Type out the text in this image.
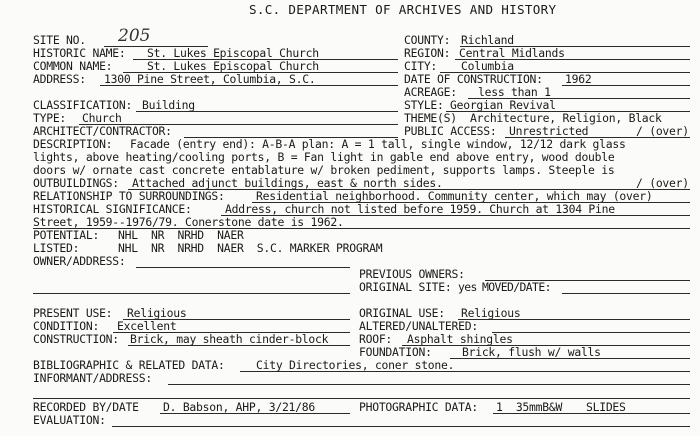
S.C. DEPARTMENT OF ARCHIVES AND HISTORY
SITE NO. 205	COUNTY: Richland
HISTORIC NAME: St. Lukes Episcopal Church	REGION: Central Midlands
COMMON NAME:	St. Lukes Episcopal Church	CITY: Columbia
ADDRESS: 1300 Pine Street, Columbia, S.C.	DATE OF CONSTRUCTION: 1962
ACREAGE: less than 1
CLASSIFICATION: Building	STYLE: Georgian Revival
TYPE: Church	THEME(S) Architecture, Religion, Black
ARCHITECT/CONTRACTOR:	PUBLIC ACCESS: Unrestricted	/ (over)
DESCRIPTION: Facade (entry end): A-B-A plan: A = 1 tall, single window, 12/12 dark glass
lights, above heating/cooling ports, B = Fan light in gable end above entry, wood double
doors w/ ornate cast concrete entablature w/ broken pediment, supports lamps. Steeple is
OUTBUILDINGS: Attached adjunct buildings, east & north sides.	/ (over)
RELATIONSHIP TO SURROUNDINGS:	Residential neighborhood. Community center, which may (over)
HISTORICAL SIGNIFICANCE:	Address, church not listed before 1959. Church at 1304 Pine
Street, 1959--1976/79. Conerstone date is 1962.
POTENTIAL: NHL  NR  NRHD  NAER
LISTED:	NHL  NR  NRHD  NAER  S.C. MARKER PROGRAM
OWNER/ADDRESS:
PREVIOUS OWNERS:
ORIGINAL SITE: yes MOVED/DATE:
PRESENT USE: Religious	ORIGINAL USE: Religious
CONDITION: Excellent	ALTERED/UNALTERED:
CONSTRUCTION: Brick, may sheath cinder-block	ROOF: Asphalt shingles
FOUNDATION:	Brick, flush w/ walls
BIBLIOGRAPHIC & RELATED DATA:	City Directories, coner stone.
INFORMANT/ADDRESS:
RECORDED BY/DATE D. Babson, AHP, 3/21/86	PHOTOGRAPHIC DATA: 1  35mmB&W SLIDES
EVALUATION:
